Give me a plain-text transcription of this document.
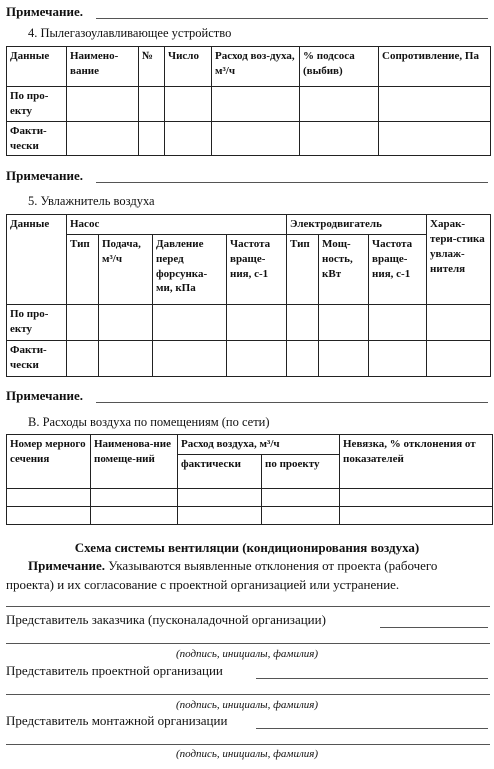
Примечание.
4. Пылегазоулавливающее устройство
Данные	Наимено-вание	№	Число	Расход воз-духа, м³/ч	% подсоса (выбив)	Сопротивление, Па
По про-екту						
Факти-чески						
Примечание.
5. Увлажнитель воздуха
Данные	Насос				Электродвигатель			Харак-тери-стика увлаж-нителя
	Тип	Подача, м³/ч	Давление перед форсунка-ми, кПа	Частота враще-ния, с-1	Тип	Мощ-ность, кВт	Частота враще-ния, с-1	
По про-екту								
Факти-чески								
Примечание.
В. Расходы воздуха по помещениям (по сети)
Номер мерного сечения	Наименова-ние помеще-ний	Расход воздуха, м³/ч		Невязка, % отклонения от показателей
		фактически	по проекту	

Схема системы вентиляции (кондиционирования воздуха)
Примечание. Указываются выявленные отклонения от проекта (рабочего проекта) и их согласование с проектной организацией или устранение.
Представитель заказчика (пусконаладочной организации)
(подпись, инициалы, фамилия)
Представитель проектной организации
(подпись, инициалы, фамилия)
Представитель монтажной организации
(подпись, инициалы, фамилия)
